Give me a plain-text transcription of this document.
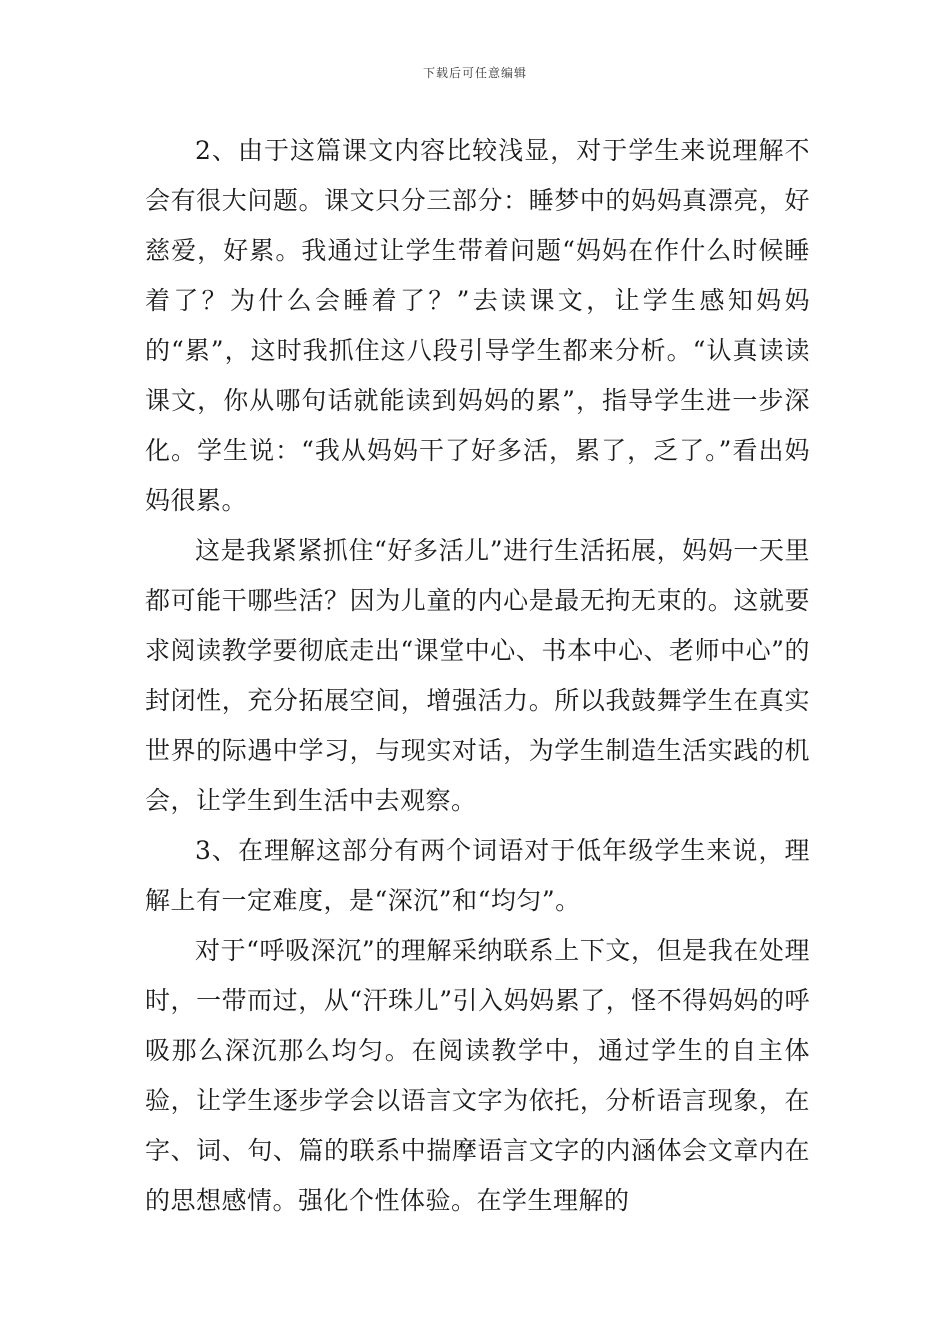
下载后可任意编辑

2、由于这篇课文内容比较浅显，对于学生来说理解不会有很大问题。课文只分三部分：睡梦中的妈妈真漂亮，好慈爱，好累。我通过让学生带着问题“妈妈在作什么时候睡着了？为什么会睡着了？”去读课文，让学生感知妈妈的“累”，这时我抓住这八段引导学生都来分析。“认真读读课文，你从哪句话就能读到妈妈的累”，指导学生进一步深化。学生说：“我从妈妈干了好多活，累了，乏了。”看出妈妈很累。

这是我紧紧抓住“好多活儿”进行生活拓展，妈妈一天里都可能干哪些活？因为儿童的内心是最无拘无束的。这就要求阅读教学要彻底走出“课堂中心、书本中心、老师中心”的封闭性，充分拓展空间，增强活力。所以我鼓舞学生在真实世界的际遇中学习，与现实对话，为学生制造生活实践的机会，让学生到生活中去观察。

3、在理解这部分有两个词语对于低年级学生来说，理解上有一定难度，是“深沉”和“均匀”。

对于“呼吸深沉”的理解采纳联系上下文，但是我在处理时，一带而过，从“汗珠儿”引入妈妈累了，怪不得妈妈的呼吸那么深沉那么均匀。在阅读教学中，通过学生的自主体验，让学生逐步学会以语言文字为依托，分析语言现象，在字、词、句、篇的联系中揣摩语言文字的内涵体会文章内在的思想感情。强化个性体验。在学生理解的
